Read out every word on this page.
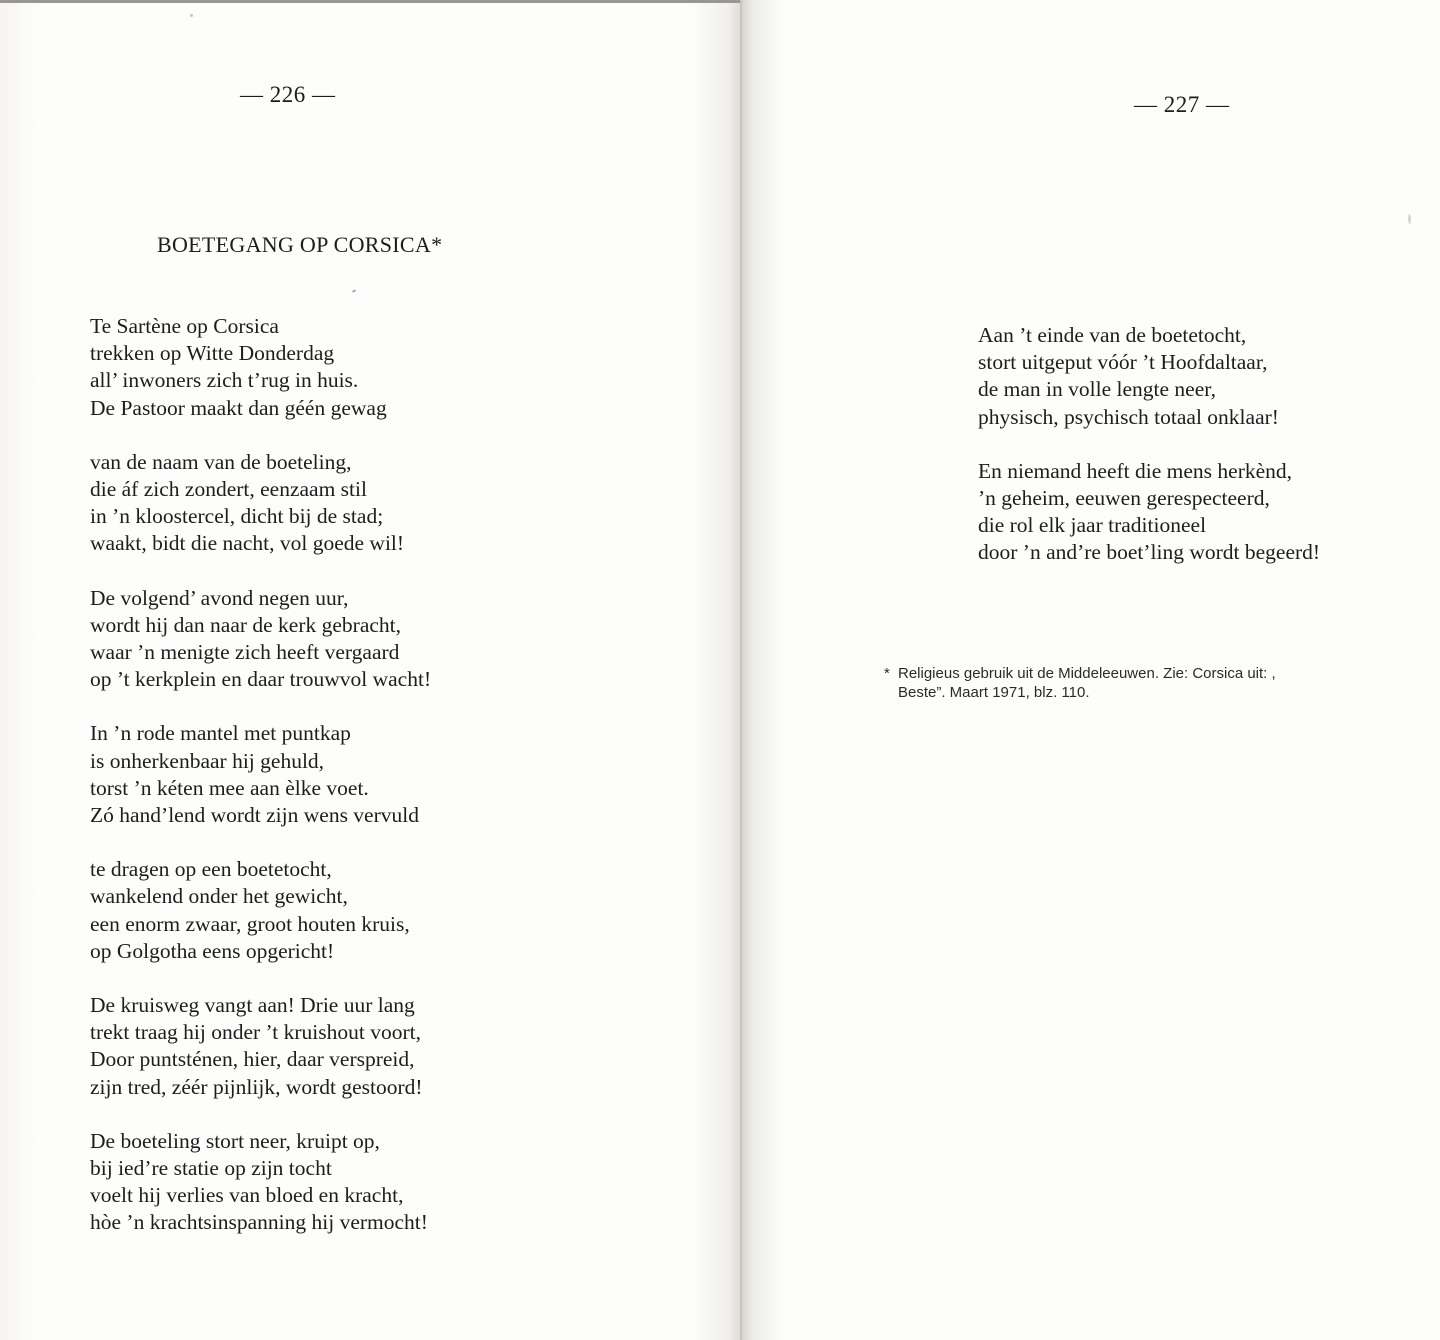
— 226 —
BOETEGANG OP CORSICA*
Te Sartène op Corsica
trekken op Witte Donderdag
all’ inwoners zich t’rug in huis.
De Pastoor maakt dan géén gewag
van de naam van de boeteling,
die áf zich zondert, eenzaam stil
in ’n kloostercel, dicht bij de stad;
waakt, bidt die nacht, vol goede wil!
De volgend’ avond negen uur,
wordt hij dan naar de kerk gebracht,
waar ’n menigte zich heeft vergaard
op ’t kerkplein en daar trouwvol wacht!
In ’n rode mantel met puntkap
is onherkenbaar hij gehuld,
torst ’n kéten mee aan èlke voet.
Zó hand’lend wordt zijn wens vervuld
te dragen op een boetetocht,
wankelend onder het gewicht,
een enorm zwaar, groot houten kruis,
op Golgotha eens opgericht!
De kruisweg vangt aan! Drie uur lang
trekt traag hij onder ’t kruishout voort,
Door puntsténen, hier, daar verspreid,
zijn tred, zéér pijnlijk, wordt gestoord!
De boeteling stort neer, kruipt op,
bij ied’re statie op zijn tocht
voelt hij verlies van bloed en kracht,
hòe ’n krachtsinspanning hij vermocht!
— 227 —
Aan ’t einde van de boetetocht,
stort uitgeput vóór ’t Hoofdaltaar,
de man in volle lengte neer,
physisch, psychisch totaal onklaar!
En niemand heeft die mens herkènd,
’n geheim, eeuwen gerespecteerd,
die rol elk jaar traditioneel
door ’n and’re boet’ling wordt begeerd!
* Religieus gebruik uit de Middeleeuwen. Zie: Corsica uit: ,
Beste”. Maart 1971, blz. 110.
